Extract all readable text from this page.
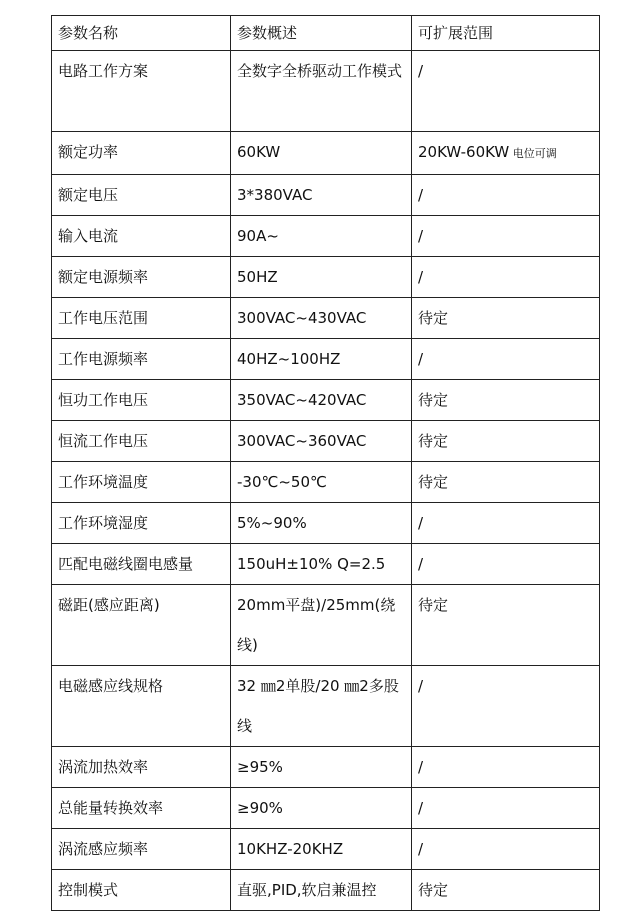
参数名称	参数概述	可扩展范围
电路工作方案	全数字全桥驱动工作模式	/
额定功率	60KW	20KW-60KW 电位可调
额定电压	3*380VAC	/
输入电流	90A~	/
额定电源频率	50HZ	/
工作电压范围	300VAC~430VAC	待定
工作电源频率	40HZ~100HZ	/
恒功工作电压	350VAC~420VAC	待定
恒流工作电压	300VAC~360VAC	待定
工作环境温度	-30℃~50℃	待定
工作环境湿度	5%~90%	/
匹配电磁线圈电感量	150uH±10% Q=2.5	/
磁距(感应距离)	20mm平盘)/25mm(绕线)	待定
电磁感应线规格	32 ㎜2单股/20 ㎜2多股线	/
涡流加热效率	≥95%	/
总能量转换效率	≥90%	/
涡流感应频率	10KHZ-20KHZ	/
控制模式	直驱,PID,软启兼温控	待定
